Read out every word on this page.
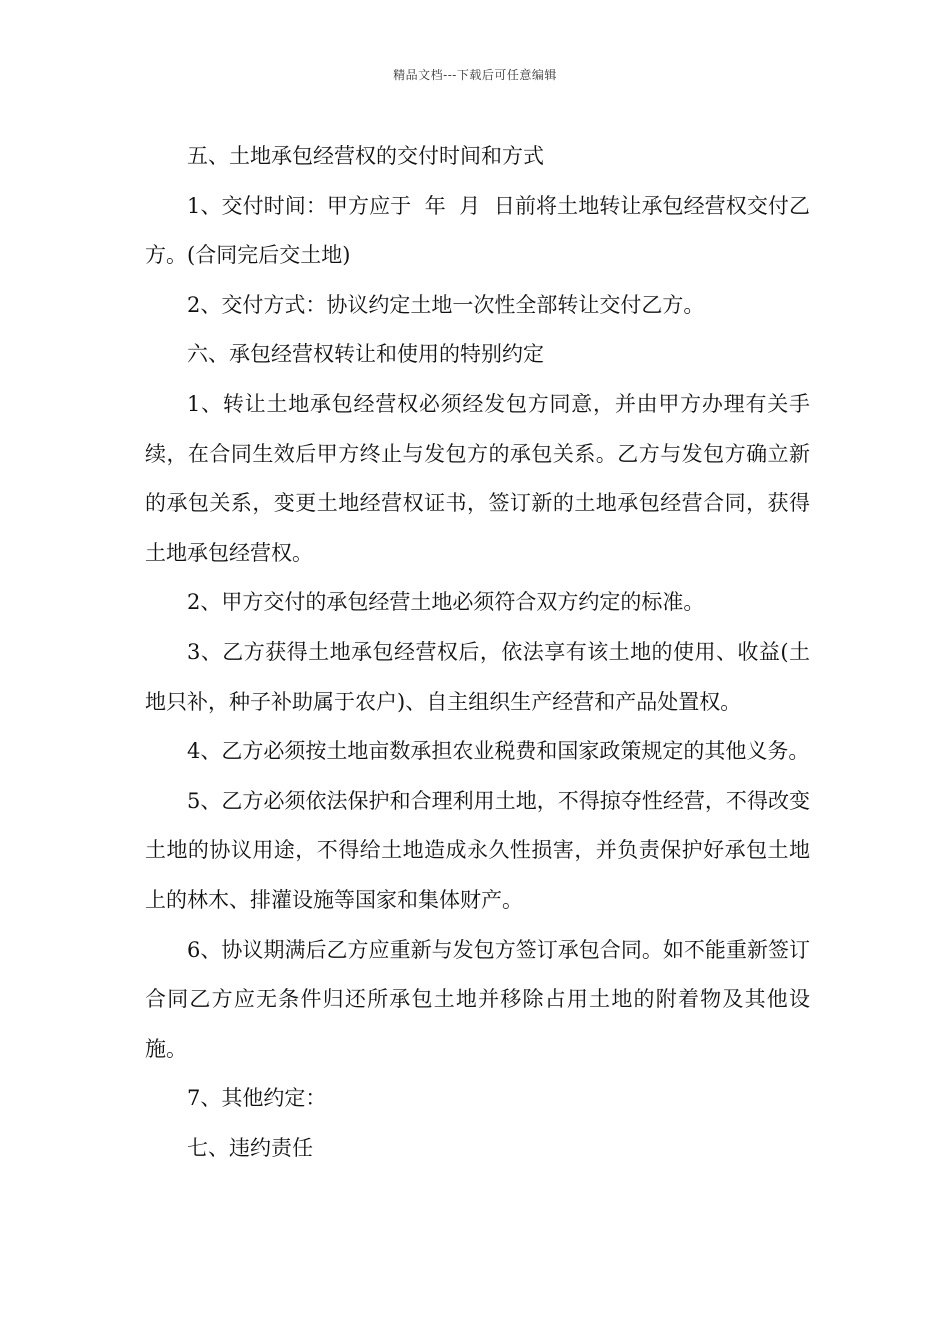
精品文档---下载后可任意编辑

五、土地承包经营权的交付时间和方式

1、交付时间：甲方应于  年  月  日前将土地转让承包经营权交付乙方。(合同完后交土地)

2、交付方式：协议约定土地一次性全部转让交付乙方。

六、承包经营权转让和使用的特别约定

1、转让土地承包经营权必须经发包方同意，并由甲方办理有关手续，在合同生效后甲方终止与发包方的承包关系。乙方与发包方确立新的承包关系，变更土地经营权证书，签订新的土地承包经营合同，获得土地承包经营权。

2、甲方交付的承包经营土地必须符合双方约定的标准。

3、乙方获得土地承包经营权后，依法享有该土地的使用、收益(土地只补，种子补助属于农户)、自主组织生产经营和产品处置权。

4、乙方必须按土地亩数承担农业税费和国家政策规定的其他义务。

5、乙方必须依法保护和合理利用土地，不得掠夺性经营，不得改变土地的协议用途，不得给土地造成永久性损害，并负责保护好承包土地上的林木、排灌设施等国家和集体财产。

6、协议期满后乙方应重新与发包方签订承包合同。如不能重新签订合同乙方应无条件归还所承包土地并移除占用土地的附着物及其他设施。

7、其他约定：

七、违约责任
